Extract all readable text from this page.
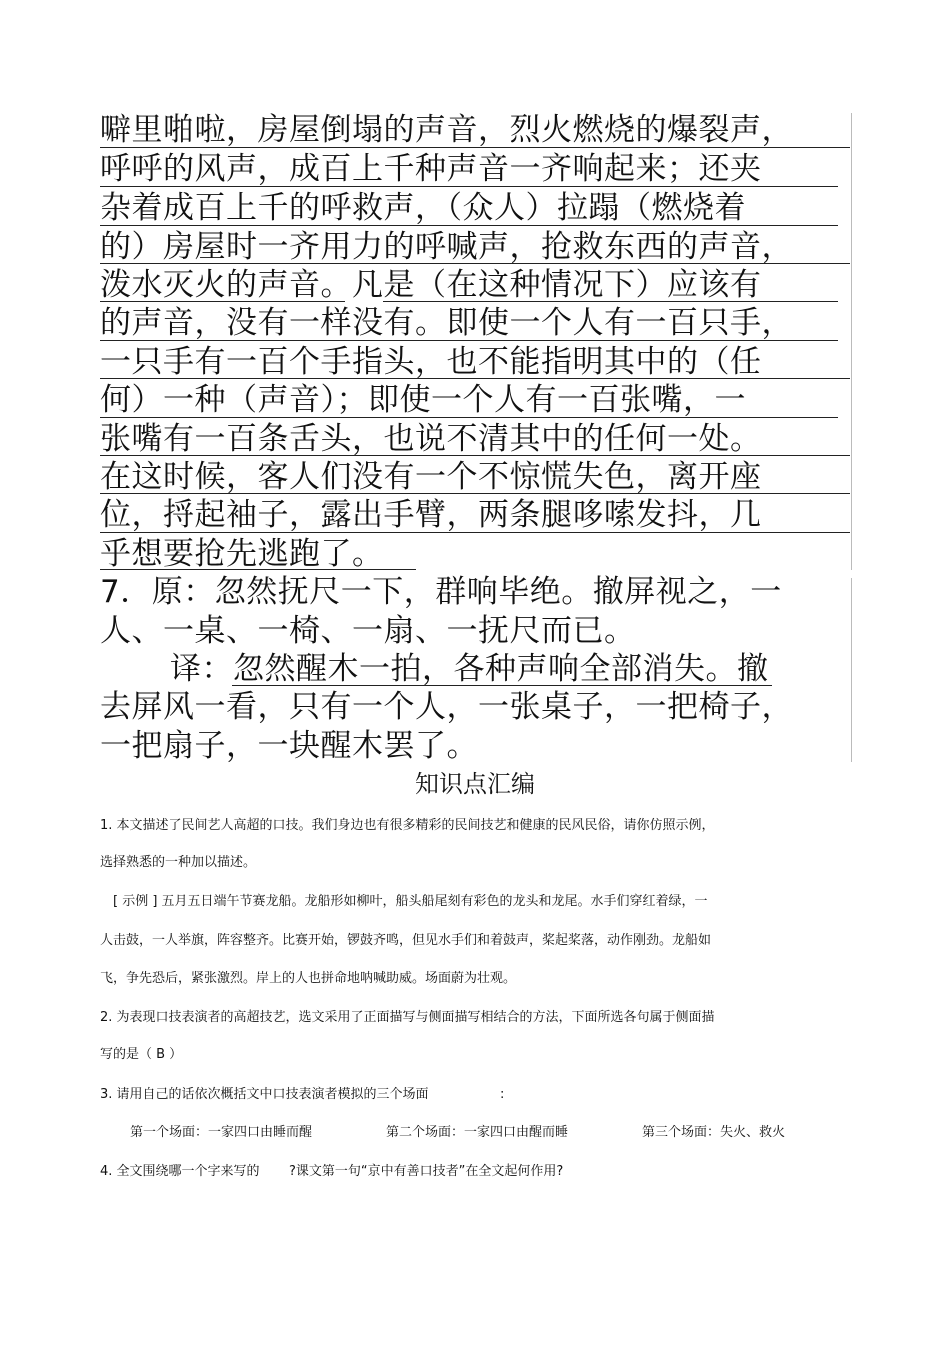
噼里啪啦，房屋倒塌的声音，烈火燃烧的爆裂声，
呼呼的风声，成百上千种声音一齐响起来；还夹
杂着成百上千的呼救声，（众人）拉蹋（燃烧着
的）房屋时一齐用力的呼喊声，抢救东西的声音，
泼水灭火的声音。凡是（在这种情况下）应该有
的声音，没有一样没有。即使一个人有一百只手，
一只手有一百个手指头，也不能指明其中的（任
何）一种（声音）；即使一个人有一百张嘴，一
张嘴有一百条舌头，也说不清其中的任何一处。
在这时候，客人们没有一个不惊慌失色，离开座
位，捋起袖子，露出手臂，两条腿哆嗦发抖，几
乎想要抢先逃跑了。
7．原：忽然抚尺一下，群响毕绝。撤屏视之，一
人、一桌、一椅、一扇、一抚尺而已。
译：忽然醒木一拍，各种声响全部消失。撤
去屏风一看，只有一个人，一张桌子，一把椅子，
一把扇子，一块醒木罢了。
知识点汇编
1. 本文描述了民间艺人高超的口技。我们身边也有很多精彩的民间技艺和健康的民风民俗，请你仿照示例，
选择熟悉的一种加以描述。
[ 示例 ] 五月五日端午节赛龙船。龙船形如柳叶，船头船尾刻有彩色的龙头和龙尾。水手们穿红着绿，一
人击鼓，一人举旗，阵容整齐。比赛开始，锣鼓齐鸣，但见水手们和着鼓声，桨起桨落，动作刚劲。龙船如
飞，争先恐后，紧张激烈。岸上的人也拼命地呐喊助威。场面蔚为壮观。
2. 为表现口技表演者的高超技艺，选文采用了正面描写与侧面描写相结合的方法，下面所选各句属于侧面描
写的是（ B ）
3. 请用自己的话依次概括文中口技表演者模拟的三个场面	:
第一个场面：一家四口由睡而醒	第二个场面：一家四口由醒而睡	第三个场面：失火、救火
4. 全文围绕哪一个字来写的 ?课文第一句“京中有善口技者”在全文起何作用?
